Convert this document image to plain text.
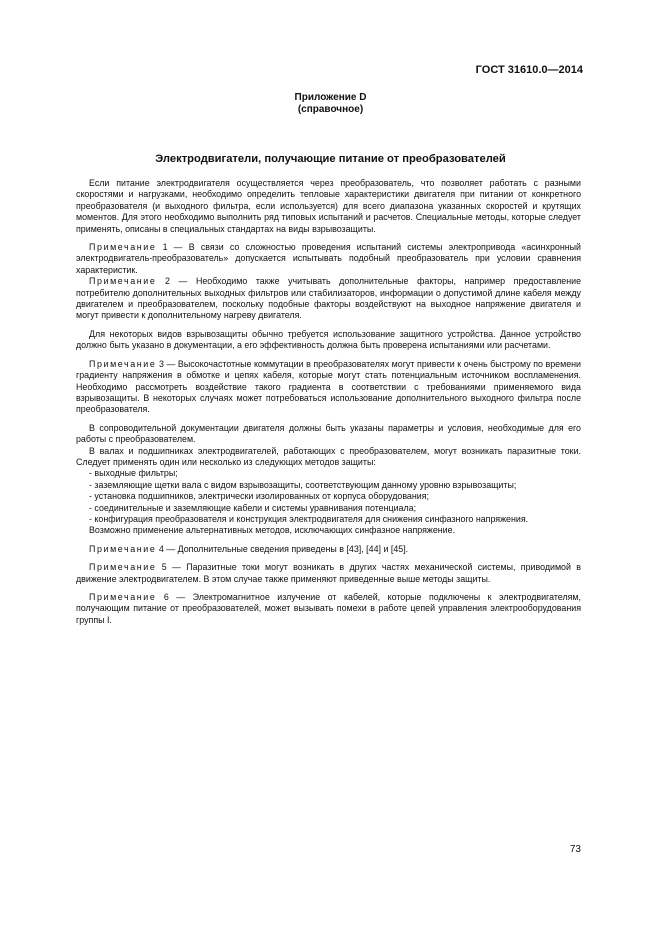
ГОСТ 31610.0—2014
Приложение D
(справочное)
Электродвигатели, получающие питание от преобразователей

Если питание электродвигателя осуществляется через преобразователь, что позволяет работать с разными скоростями и нагрузками, необходимо определить тепловые характеристики двигателя при питании от конкретного преобразователя (и выходного фильтра, если используется) для всего диапазона указанных скоростей и крутящих моментов. Для этого необходимо выполнить ряд типовых испытаний и расчетов. Специальные методы, которые следует применять, описаны в специальных стандартах на виды взрывозащиты.

Примечание 1 — В связи со сложностью проведения испытаний системы электропривода «асинхронный электродвигатель-преобразователь» допускается испытывать подобный преобразователь при условии сравнения характеристик.

Примечание 2 — Необходимо также учитывать дополнительные факторы, например предоставление потребителю дополнительных выходных фильтров или стабилизаторов, информации о допустимой длине кабеля между двигателем и преобразователем, поскольку подобные факторы воздействуют на выходное напряжение двигателя и могут привести к дополнительному нагреву двигателя.

Для некоторых видов взрывозащиты обычно требуется использование защитного устройства. Данное устройство должно быть указано в документации, а его эффективность должна быть проверена испытаниями или расчетами.

Примечание 3 — Высокочастотные коммутации в преобразователях могут привести к очень быстрому по времени градиенту напряжения в обмотке и цепях кабеля, которые могут стать потенциальным источником воспламенения. Необходимо рассмотреть воздействие такого градиента в соответствии с требованиями применяемого вида взрывозащиты. В некоторых случаях может потребоваться использование дополнительного выходного фильтра после преобразователя.

В сопроводительной документации двигателя должны быть указаны параметры и условия, необходимые для его работы с преобразователем.

В валах и подшипниках электродвигателей, работающих с преобразователем, могут возникать паразитные токи. Следует применять один или несколько из следующих методов защиты:

- выходные фильтры;

- заземляющие щетки вала с видом взрывозащиты, соответствующим данному уровню взрывозащиты;

- установка подшипников, электрически изолированных от корпуса оборудования;

- соединительные и заземляющие кабели и системы уравнивания потенциала;

- конфигурация преобразователя и конструкция электродвигателя для снижения синфазного напряжения.

Возможно применение альтернативных методов, исключающих синфазное напряжение.

Примечание 4 — Дополнительные сведения приведены в [43], [44] и [45].

Примечание 5 — Паразитные токи могут возникать в других частях механической системы, приводимой в движение электродвигателем. В этом случае также применяют приведенные выше методы защиты.

Примечание 6 — Электромагнитное излучение от кабелей, которые подключены к электродвигателям, получающим питание от преобразователей, может вызывать помехи в работе цепей управления электрооборудования группы I.

73
